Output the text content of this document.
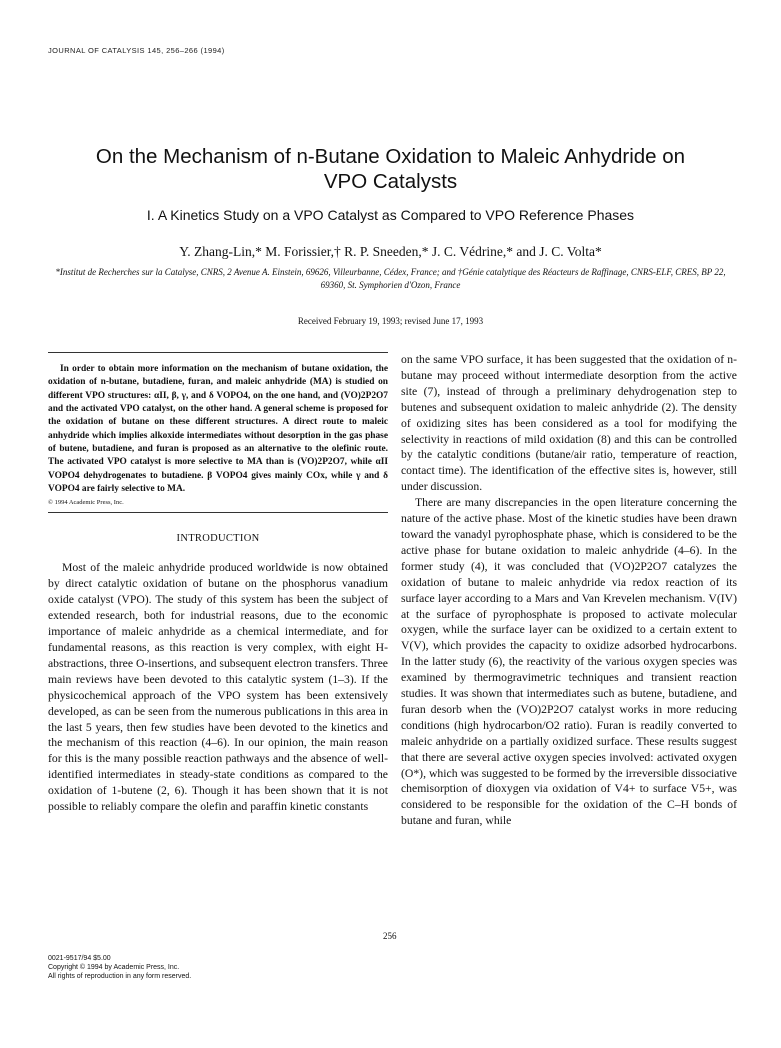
JOURNAL OF CATALYSIS 145, 256–266 (1994)
On the Mechanism of n-Butane Oxidation to Maleic Anhydride on
VPO Catalysts
I. A Kinetics Study on a VPO Catalyst as Compared to VPO Reference Phases
Y. Zhang-Lin,* M. Forissier,† R. P. Sneeden,* J. C. Védrine,* and J. C. Volta*
*Institut de Recherches sur la Catalyse, CNRS, 2 Avenue A. Einstein, 69626, Villeurbanne, Cédex, France; and †Génie catalytique des Réacteurs de Raffinage, CNRS-ELF, CRES, BP 22, 69360, St. Symphorien d'Ozon, France
Received February 19, 1993; revised June 17, 1993

In order to obtain more information on the mechanism of butane oxidation, the oxidation of n-butane, butadiene, furan, and maleic anhydride (MA) is studied on different VPO structures: αII, β, γ, and δ VOPO4, on the one hand, and (VO)2P2O7 and the activated VPO catalyst, on the other hand. A general scheme is proposed for the oxidation of butane on these different structures. A direct route to maleic anhydride which implies alkoxide intermediates without desorption in the gas phase of butene, butadiene, and furan is proposed as an alternative to the olefinic route. The activated VPO catalyst is more selective to MA than is (VO)2P2O7, while αII VOPO4 dehydrogenates to butadiene. β VOPO4 gives mainly COx, while γ and δ VOPO4 are fairly selective to MA.

© 1994 Academic Press, Inc.
INTRODUCTION

Most of the maleic anhydride produced worldwide is now obtained by direct catalytic oxidation of butane on the phosphorus vanadium oxide catalyst (VPO). The study of this system has been the subject of extended research, both for industrial reasons, due to the economic importance of maleic anhydride as a chemical intermediate, and for fundamental reasons, as this reaction is very complex, with eight H-abstractions, three O-insertions, and subsequent electron transfers. Three main reviews have been devoted to this catalytic system (1–3). If the physicochemical approach of the VPO system has been extensively developed, as can be seen from the numerous publications in this area in the last 5 years, then few studies have been devoted to the kinetics and the mechanism of this reaction (4–6). In our opinion, the main reason for this is the many possible reaction pathways and the absence of well-identified intermediates in steady-state conditions as compared to the oxidation of 1-butene (2, 6). Though it has been shown that it is not possible to reliably compare the olefin and paraffin kinetic constants

on the same VPO surface, it has been suggested that the oxidation of n-butane may proceed without intermediate desorption from the active site (7), instead of through a preliminary dehydrogenation step to butenes and subsequent oxidation to maleic anhydride (2). The density of oxidizing sites has been considered as a tool for modifying the selectivity in reactions of mild oxidation (8) and this can be controlled by the catalytic conditions (butane/air ratio, temperature of reaction, contact time). The identification of the effective sites is, however, still under discussion.

There are many discrepancies in the open literature concerning the nature of the active phase. Most of the kinetic studies have been drawn toward the vanadyl pyrophosphate phase, which is considered to be the active phase for butane oxidation to maleic anhydride (4–6). In the former study (4), it was concluded that (VO)2P2O7 catalyzes the oxidation of butane to maleic anhydride via redox reaction of its surface layer according to a Mars and Van Krevelen mechanism. V(IV) at the surface of pyrophosphate is proposed to activate molecular oxygen, while the surface layer can be oxidized to a certain extent to V(V), which provides the capacity to oxidize adsorbed hydrocarbons. In the latter study (6), the reactivity of the various oxygen species was examined by thermogravimetric techniques and transient reaction studies. It was shown that intermediates such as butene, butadiene, and furan desorb when the (VO)2P2O7 catalyst works in more reducing conditions (high hydrocarbon/O2 ratio). Furan is readily converted to maleic anhydride on a partially oxidized surface. These results suggest that there are several active oxygen species involved: activated oxygen (O*), which was suggested to be formed by the irreversible dissociative chemisorption of dioxygen via oxidation of V4+ to surface V5+, was considered to be responsible for the oxidation of the C–H bonds of butane and furan, while

256
0021-9517/94 $5.00
Copyright © 1994 by Academic Press, Inc.
All rights of reproduction in any form reserved.
